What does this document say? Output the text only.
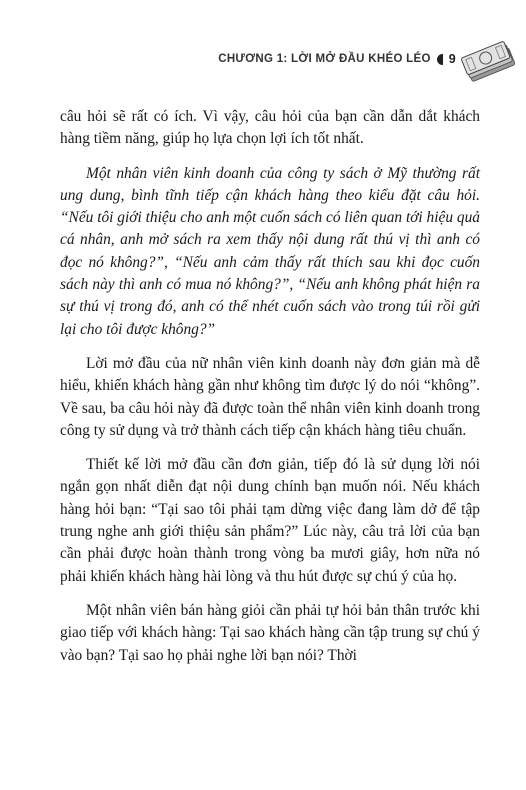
CHƯƠNG 1: LỜI MỞ ĐẦU KHÉO LÉO 9

câu hỏi sẽ rất có ích. Vì vậy, câu hỏi của bạn cần dẫn dắt khách hàng tiềm năng, giúp họ lựa chọn lợi ích tốt nhất.

Một nhân viên kinh doanh của công ty sách ở Mỹ thường rất ung dung, bình tĩnh tiếp cận khách hàng theo kiểu đặt câu hỏi. “Nếu tôi giới thiệu cho anh một cuốn sách có liên quan tới hiệu quả cá nhân, anh mở sách ra xem thấy nội dung rất thú vị thì anh có đọc nó không?”, “Nếu anh cảm thấy rất thích sau khi đọc cuốn sách này thì anh có mua nó không?”, “Nếu anh không phát hiện ra sự thú vị trong đó, anh có thể nhét cuốn sách vào trong túi rồi gửi lại cho tôi được không?”

Lời mở đầu của nữ nhân viên kinh doanh này đơn giản mà dễ hiểu, khiến khách hàng gần như không tìm được lý do nói “không”. Về sau, ba câu hỏi này đã được toàn thể nhân viên kinh doanh trong công ty sử dụng và trở thành cách tiếp cận khách hàng tiêu chuẩn.

Thiết kế lời mở đầu cần đơn giản, tiếp đó là sử dụng lời nói ngắn gọn nhất diễn đạt nội dung chính bạn muốn nói. Nếu khách hàng hỏi bạn: “Tại sao tôi phải tạm dừng việc đang làm dở để tập trung nghe anh giới thiệu sản phẩm?” Lúc này, câu trả lời của bạn cần phải được hoàn thành trong vòng ba mươi giây, hơn nữa nó phải khiến khách hàng hài lòng và thu hút được sự chú ý của họ.

Một nhân viên bán hàng giỏi cần phải tự hỏi bản thân trước khi giao tiếp với khách hàng: Tại sao khách hàng cần tập trung sự chú ý vào bạn? Tại sao họ phải nghe lời bạn nói? Thời
